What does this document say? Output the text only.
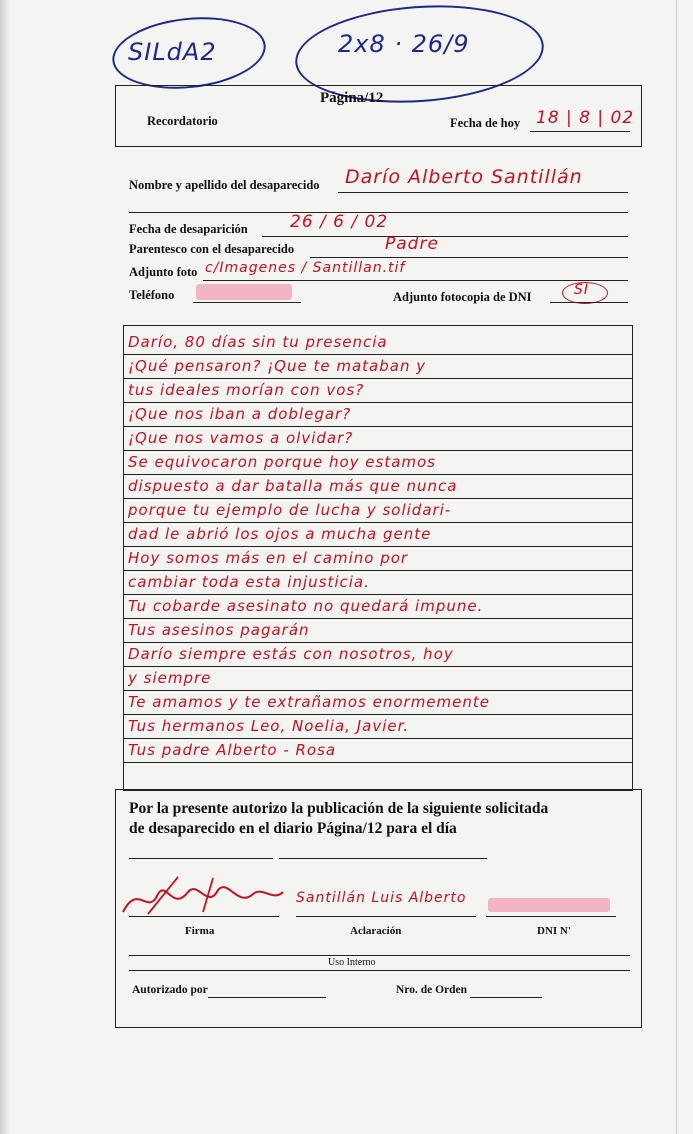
SILdA2	2x8 · 26/9
Página/12
Recordatorio	Fecha de hoy 18 | 8 | 02
Nombre y apellido del desaparecido Darío Alberto Santillán
Fecha de desaparición 26 / 6 / 02
Parentesco con el desaparecido	Padre
Adjunto foto c/Imagenes / Santillan.tif
Teléfono	Adjunto fotocopia de DNI	SI
Darío, 80 días sin tu presencia
¡Qué pensaron? ¡Que te mataban y
tus ideales morían con vos?
¡Que nos iban a doblegar?
¡Que nos vamos a olvidar?
Se equivocaron porque hoy estamos
dispuesto a dar batalla más que nunca
porque tu ejemplo de lucha y solidari-
dad le abrió los ojos a mucha gente
Hoy somos más en el camino por
cambiar toda esta injusticia.
Tu cobarde asesinato no quedará impune.
Tus asesinos pagarán
Darío siempre estás con nosotros, hoy
y siempre
Te amamos y te extrañamos enormemente
Tus hermanos Leo, Noelia, Javier.
Tus padre Alberto - Rosa
Por la presente autorizo la publicación de la siguiente solicitada
de desaparecido en el diario Página/12 para el día
Santillán Luis Alberto
Firma	Aclaración	DNI N'
Uso Interno
Autorizado por	Nro. de Orden
